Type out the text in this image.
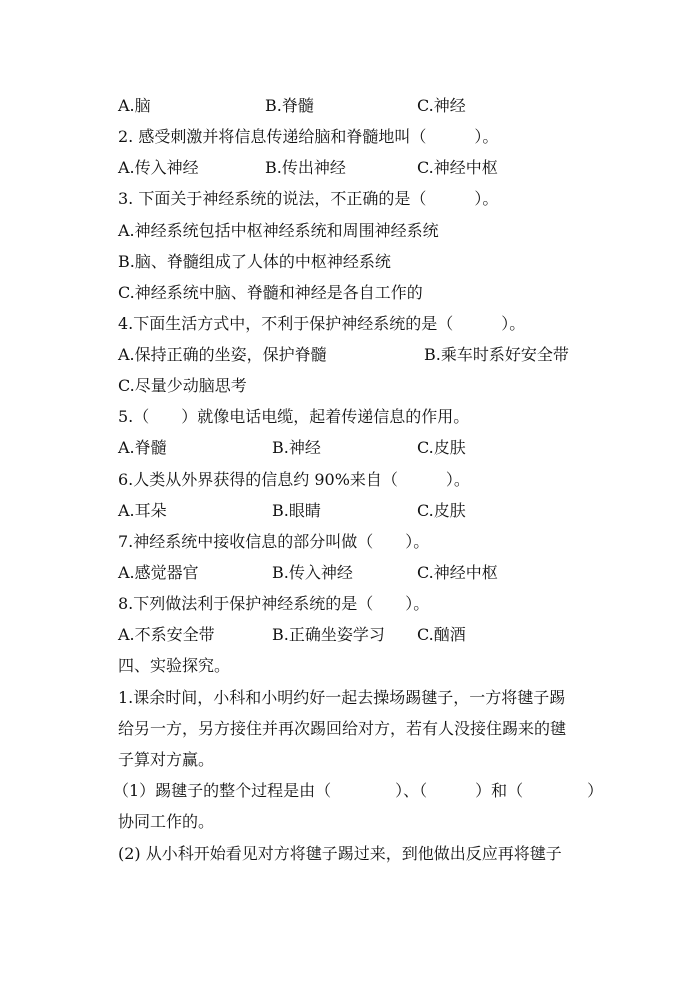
A.脑	B.脊髓	C.神经
2. 感受刺激并将信息传递给脑和脊髓地叫（　　　）。
A.传入神经	B.传出神经	C.神经中枢
3. 下面关于神经系统的说法，不正确的是（　　　）。
A.神经系统包括中枢神经系统和周围神经系统
B.脑、脊髓组成了人体的中枢神经系统
C.神经系统中脑、脊髓和神经是各自工作的
4.下面生活方式中，不利于保护神经系统的是（　　　）。
A.保持正确的坐姿，保护脊髓	B.乘车时系好安全带
C.尽量少动脑思考
5.（　　）就像电话电缆，起着传递信息的作用。
A.脊髓	B.神经	C.皮肤
6.人类从外界获得的信息约 90%来自（　　　）。
A.耳朵	B.眼睛	C.皮肤
7.神经系统中接收信息的部分叫做（　　）。
A.感觉器官	B.传入神经	C.神经中枢
8.下列做法利于保护神经系统的是（　　）。
A.不系安全带	B.正确坐姿学习 C.酗酒
四、实验探究。
1.课余时间，小科和小明约好一起去操场踢毽子，一方将毽子踢
给另一方，另方接住并再次踢回给对方，若有人没接住踢来的毽
子算对方赢。
（1）踢毽子的整个过程是由（　　　　）、（　　　）和（　　　　）
协同工作的。
(2) 从小科开始看见对方将毽子踢过来，到他做出反应再将毽子
